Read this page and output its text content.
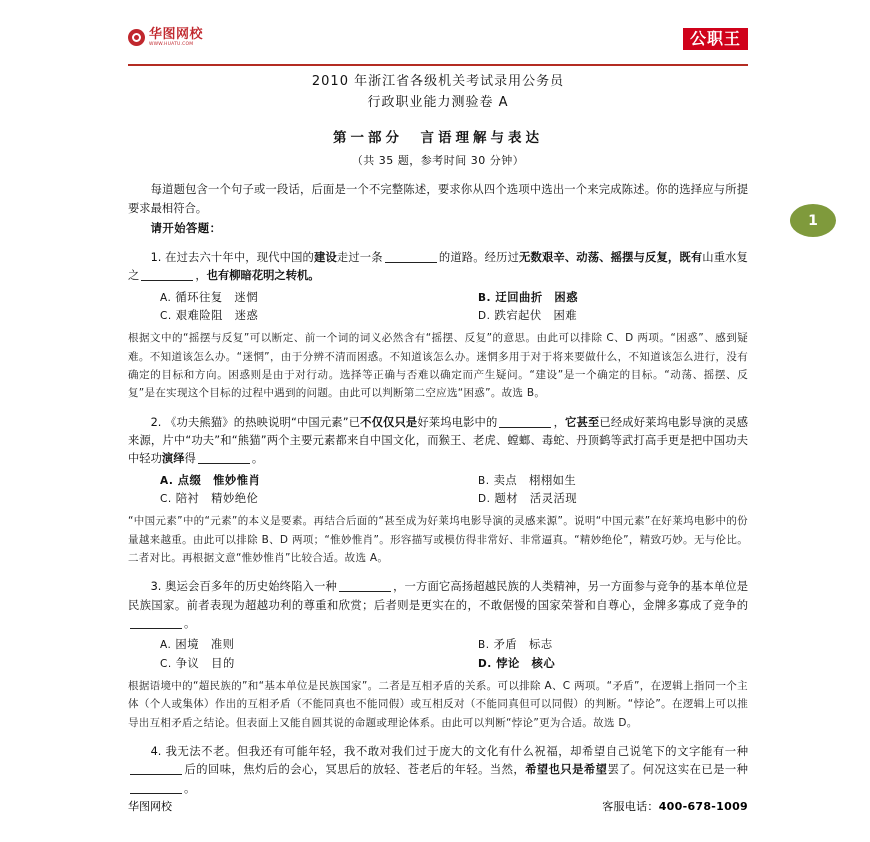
华图网校
WWW.HUATU.COM	公职王
1
2010 年浙江省各级机关考试录用公务员
行政职业能力测验卷 A
第一部分　言语理解与表达
（共 35 题，参考时间 30 分钟）
每道题包含一个句子或一段话，后面是一个不完整陈述，要求你从四个选项中选出一个来完成陈述。你的选择应与所提要求最相符合。
请开始答题：
1. 在过去六十年中，现代中国的建设走过一条	的道路。经历过无数艰辛、动荡、摇摆与反复，既有山重水复之	，也有柳暗花明之转机。
A. 循环往复　迷惘	B. 迂回曲折　困惑
C. 艰难险阻　迷惑	D. 跌宕起伏　困难
根据文中的“摇摆与反复”可以断定、前一个词的词义必然含有“摇摆、反复”的意思。由此可以排除 C、D 两项。“困惑”、感到疑难。不知道该怎么办。“迷惘”，由于分辨不清而困惑。不知道该怎么办。迷惘多用于对于将来要做什么，不知道该怎么进行，没有确定的目标和方向。困惑则是由于对行动。选择等正确与否难以确定而产生疑问。“建设”是一个确定的目标。“动荡、摇摆、反复”是在实现这个目标的过程中遇到的问题。由此可以判断第二空应选“困惑”。故选 B。
2. 《功夫熊猫》的热映说明“中国元素”已不仅仅只是好莱坞电影中的	，它甚至已经成好莱坞电影导演的灵感来源，片中“功夫”和“熊猫”两个主要元素都来自中国文化，而猴王、老虎、螳螂、毒蛇、丹顶鹤等武打高手更是把中国功夫中轻功演绎得	。
A. 点缀　惟妙惟肖	B. 卖点　栩栩如生
C. 陪衬　精妙绝伦	D. 题材　活灵活现
“中国元素”中的“元素”的本义是要素。再结合后面的“甚至成为好莱坞电影导演的灵感来源”。说明“中国元素”在好莱坞电影中的份量越来越重。由此可以排除 B、D 两项；“惟妙惟肖”。形容描写或模仿得非常好、非常逼真。“精妙绝伦”，精致巧妙。无与伦比。二者对比。再根据文意“惟妙惟肖”比较合适。故选 A。
3. 奥运会百多年的历史始终陷入一种	，一方面它高扬超越民族的人类精神，另一方面参与竞争的基本单位是民族国家。前者表现为超越功利的尊重和欣赏；后者则是更实在的，不敢倨慢的国家荣誉和自尊心，金牌多寡成了竞争的。
A. 困境　准则	B. 矛盾　标志
C. 争议　目的	D. 悖论　核心
根据语境中的“超民族的”和“基本单位是民族国家”。二者是互相矛盾的关系。可以排除 A、C 两项。“矛盾”，在逻辑上指同一个主体（个人或集体）作出的互相矛盾（不能同真也不能同假）或互相反对（不能同真但可以同假）的判断。“悖论”。在逻辑上可以推导出互相矛盾之结论。但表面上又能自圆其说的命题或理论体系。由此可以判断“悖论”更为合适。故选 D。
4. 我无法不老。但我还有可能年轻，我不敢对我们过于庞大的文化有什么祝福，却希望自己说笔下的文字能有一种后的回味，焦灼后的会心，冥思后的放轻、苍老后的年轻。当然，希望也只是希望罢了。何况这实在已是一种。
华图网校	客服电话：400-678-1009
